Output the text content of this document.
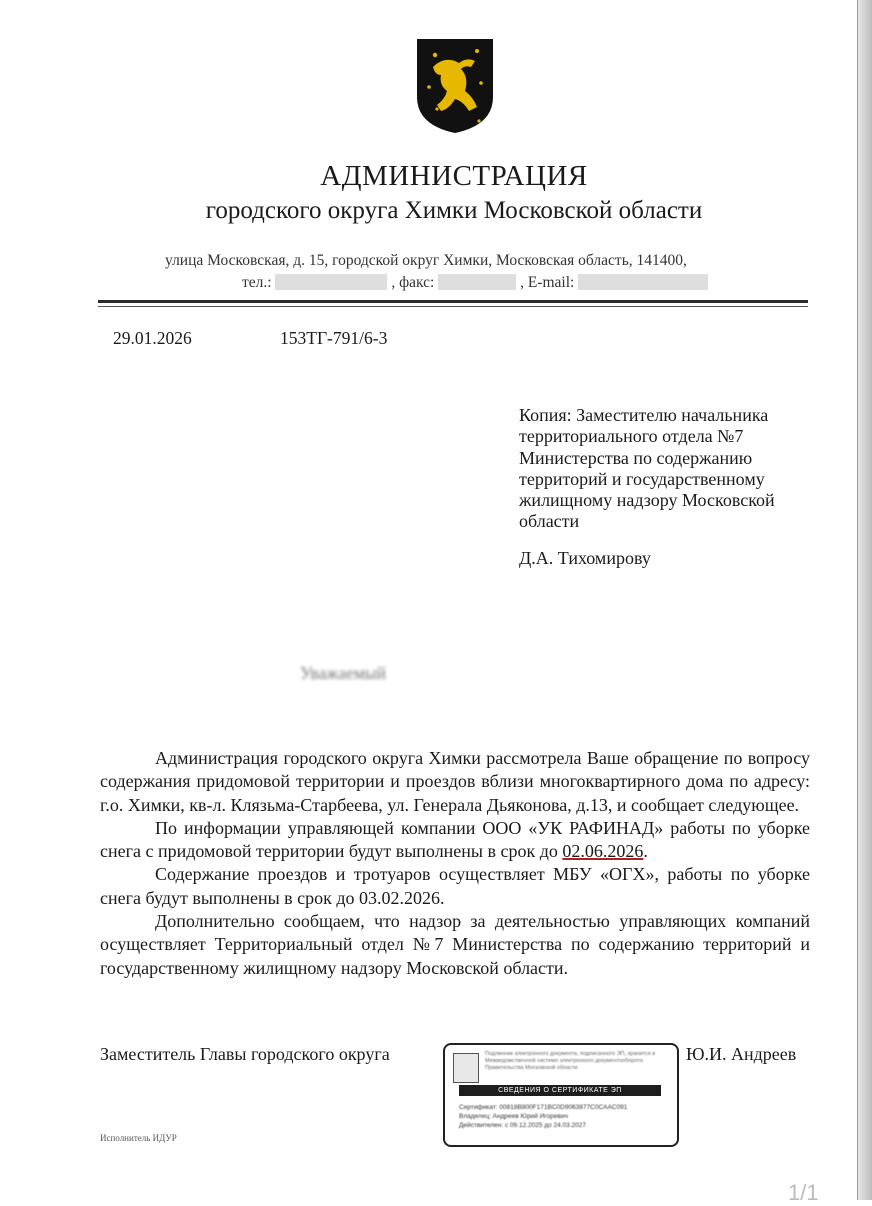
АДМИНИСТРАЦИЯ
городского округа Химки Московской области
улица Московская, д. 15, городской округ Химки, Московская область, 141400,
тел.:	, факс:	, E-mail:
29.01.2026	153ТГ-791/6-3
Копия: Заместителю начальника территориального отдела №7 Министерства по содержанию территорий и государственному жилищному надзору Московской области
Д.А. Тихомирову
Уважаемый

Администрация городского округа Химки рассмотрела Ваше обращение по вопросу содержания придомовой территории и проездов вблизи многоквартирного дома по адресу: г.о. Химки, кв-л. Клязьма-Старбеева, ул. Генерала Дьяконова, д.13, и сообщает следующее.

По информации управляющей компании ООО «УК РАФИНАД» работы по уборке снега с придомовой территории будут выполнены в срок до 02.06.2026.

Содержание проездов и тротуаров осуществляет МБУ «ОГХ», работы по уборке снега будут выполнены в срок до 03.02.2026.

Дополнительно сообщаем, что надзор за деятельностью управляющих компаний осуществляет Территориальный отдел №7 Министерства по содержанию территорий и государственному жилищному надзору Московской области.

Заместитель Главы городского округа	Подлинник электронного документа, подписанного ЭП, хранится в Межведомственной системе электронного документооборота Правительства Московской области
СВЕДЕНИЯ О СЕРТИФИКАТЕ ЭП
Сертификат: 00818B800F171BC0D9063877C0CAAC091
Владелец: Андреев Юрий Игоревич
Действителен: с 09.12.2025 до 24.03.2027
Ю.И. Андреев
Исполнитель ИДУР
1/1
